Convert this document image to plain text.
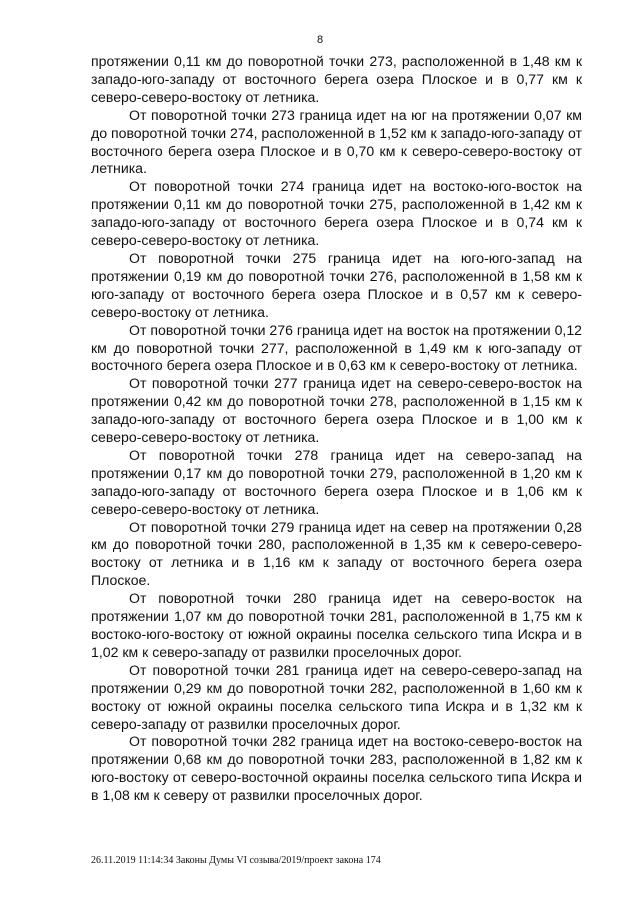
8

протяжении 0,11 км до поворотной точки 273, расположенной в 1,48 км к западо-юго-западу от восточного берега озера Плоское и в 0,77 км к северо-северо-востоку от летника.

От поворотной точки 273 граница идет на юг на протяжении 0,07 км до поворотной точки 274, расположенной в 1,52 км к западо-юго-западу от восточного берега озера Плоское и в 0,70 км к северо-северо-востоку от летника.

От поворотной точки 274 граница идет на востоко-юго-восток на протяжении 0,11 км до поворотной точки 275, расположенной в 1,42 км к западо-юго-западу от восточного берега озера Плоское и в 0,74 км к северо-северо-востоку от летника.

От поворотной точки 275 граница идет на юго-юго-запад на протяжении 0,19 км до поворотной точки 276, расположенной в 1,58 км к юго-западу от восточного берега озера Плоское и в 0,57 км к северо-северо-востоку от летника.

От поворотной точки 276 граница идет на восток на протяжении 0,12 км до поворотной точки 277, расположенной в 1,49 км к юго-западу от восточного берега озера Плоское и в 0,63 км к северо-востоку от летника.

От поворотной точки 277 граница идет на северо-северо-восток на протяжении 0,42 км до поворотной точки 278, расположенной в 1,15 км к западо-юго-западу от восточного берега озера Плоское и в 1,00 км к северо-северо-востоку от летника.

От поворотной точки 278 граница идет на северо-запад на протяжении 0,17 км до поворотной точки 279, расположенной в 1,20 км к западо-юго-западу от восточного берега озера Плоское и в 1,06 км к северо-северо-востоку от летника.

От поворотной точки 279 граница идет на север на протяжении 0,28 км до поворотной точки 280, расположенной в 1,35 км к северо-северо-востоку от летника и в 1,16 км к западу от восточного берега озера Плоское.

От поворотной точки 280 граница идет на северо-восток на протяжении 1,07 км до поворотной точки 281, расположенной в 1,75 км к востоко-юго-востоку от южной окраины поселка сельского типа Искра и в 1,02 км к северо-западу от развилки проселочных дорог.

От поворотной точки 281 граница идет на северо-северо-запад на протяжении 0,29 км до поворотной точки 282, расположенной в 1,60 км к востоку от южной окраины поселка сельского типа Искра и в 1,32 км к северо-западу от развилки проселочных дорог.

От поворотной точки 282 граница идет на востоко-северо-восток на протяжении 0,68 км до поворотной точки 283, расположенной в 1,82 км к юго-востоку от северо-восточной окраины поселка сельского типа Искра и в 1,08 км к северу от развилки проселочных дорог.

26.11.2019 11:14:34 Законы Думы VI созыва/2019/проект закона 174
